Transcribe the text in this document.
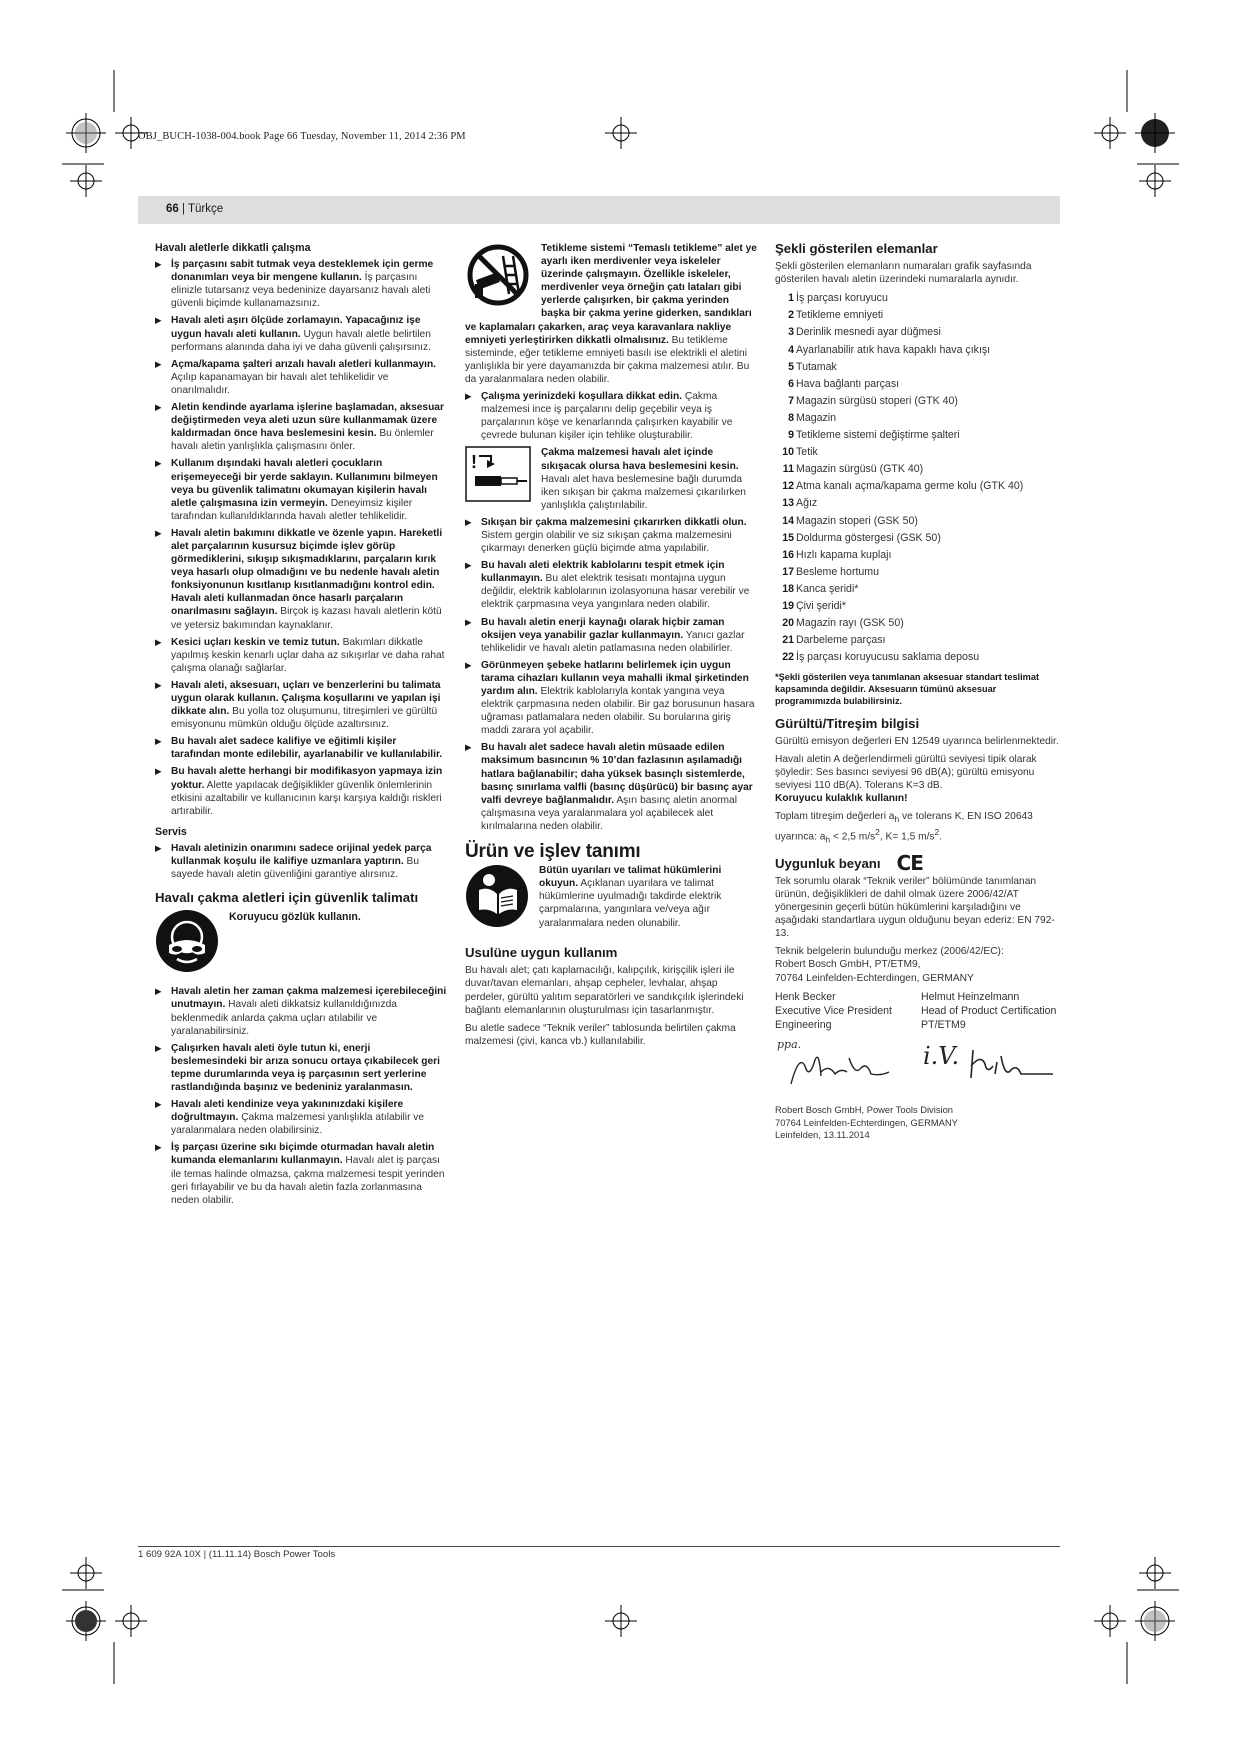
OBJ_BUCH-1038-004.book Page 66 Tuesday, November 11, 2014 2:36 PM
66 | Türkçe
Havalı aletlerle dikkatli çalışma
▶ İş parçasını sabit tutmak veya desteklemek için germe donanımları veya bir mengene kullanın. İş parçasını elinizle tutarsanız veya bedeninize dayarsanız havalı aleti güvenli biçimde kullanamazsınız.
▶ Havalı aleti aşırı ölçüde zorlamayın. Yapacağınız işe uygun havalı aleti kullanın. Uygun havalı aletle belirtilen performans alanında daha iyi ve daha güvenli çalışırsınız.
▶ Açma/kapama şalteri arızalı havalı aletleri kullanmayın. Açılıp kapanamayan bir havalı alet tehlikelidir ve onarılmalıdır.
▶ Aletin kendinde ayarlama işlerine başlamadan, aksesuar değiştirmeden veya aleti uzun süre kullanmamak üzere kaldırmadan önce hava beslemesini kesin. Bu önlemler havalı aletin yanlışlıkla çalışmasını önler.
▶ Kullanım dışındaki havalı aletleri çocukların erişemeyeceği bir yerde saklayın. Kullanımını bilmeyen veya bu güvenlik talimatını okumayan kişilerin havalı aletle çalışmasına izin vermeyin. Deneyimsiz kişiler tarafından kullanıldıklarında havalı aletler tehlikelidir.
▶ Havalı aletin bakımını dikkatle ve özenle yapın. Hareketli alet parçalarının kusursuz biçimde işlev görüp görmediklerini, sıkışıp sıkışmadıklarını, parçaların kırık veya hasarlı olup olmadığını ve bu nedenle havalı aletin fonksiyonunun kısıtlanıp kısıtlanmadığını kontrol edin. Havalı aleti kullanmadan önce hasarlı parçaların onarılmasını sağlayın. Birçok iş kazası havalı aletlerin kötü ve yetersiz bakımından kaynaklanır.
▶ Kesici uçları keskin ve temiz tutun. Bakımları dikkatle yapılmış keskin kenarlı uçlar daha az sıkışırlar ve daha rahat çalışma olanağı sağlarlar.
▶ Havalı aleti, aksesuarı, uçları ve benzerlerini bu talimata uygun olarak kullanın. Çalışma koşullarını ve yapılan işi dikkate alın. Bu yolla toz oluşumunu, titreşimleri ve gürültü emisyonunu mümkün olduğu ölçüde azaltırsınız.
▶ Bu havalı alet sadece kalifiye ve eğitimli kişiler tarafından monte edilebilir, ayarlanabilir ve kullanılabilir.
▶ Bu havalı alette herhangi bir modifikasyon yapmaya izin yoktur. Alette yapılacak değişiklikler güvenlik önlemlerinin etkisini azaltabilir ve kullanıcının karşı karşıya kaldığı riskleri artırabilir.
Servis
▶ Havalı aletinizin onarımını sadece orijinal yedek parça kullanmak koşulu ile kalifiye uzmanlara yaptırın. Bu sayede havalı aletin güvenliğini garantiye alırsınız.
Havalı çakma aletleri için güvenlik talimatı
Koruyucu gözlük kullanın.
▶ Havalı aletin her zaman çakma malzemesi içerebileceğini unutmayın. Havalı aleti dikkatsiz kullanıldığınızda beklenmedik anlarda çakma uçları atılabilir ve yaralanabilirsiniz.
▶ Çalışırken havalı aleti öyle tutun ki, enerji beslemesindeki bir arıza sonucu ortaya çıkabilecek geri tepme durumlarında veya iş parçasının sert yerlerine rastlandığında başınız ve bedeniniz yaralanmasın.
▶ Havalı aleti kendinize veya yakınınızdaki kişilere doğrultmayın. Çakma malzemesi yanlışlıkla atılabilir ve yaralanmalara neden olabilirsiniz.
▶ İş parçası üzerine sıkı biçimde oturmadan havalı aletin kumanda elemanlarını kullanmayın. Havalı alet iş parçası ile temas halinde olmazsa, çakma malzemesi tespit yerinden geri fırlayabilir ve bu da havalı aletin fazla zorlanmasına neden olabilir.
Tetikleme sistemi “Temaslı tetikleme” alet ye ayarlı iken merdivenler veya iskeleler üzerinde çalışmayın. Özellikle iskeleler, merdivenler veya örneğin çatı lataları gibi yerlerde çalışırken, bir çakma yerinden başka bir çakma yerine giderken, sandıkları ve kaplamaları çakarken, araç veya karavanlara nakliye emniyeti yerleştirirken dikkatli olmalısınız. Bu tetikleme sisteminde, eğer tetikleme emniyeti basılı ise elektrikli el aletini yanlışlıkla bir yere dayamanızda bir çakma malzemesi atılır. Bu da yaralanmalara neden olabilir.
▶ Çalışma yerinizdeki koşullara dikkat edin. Çakma malzemesi ince iş parçalarını delip geçebilir veya iş parçalarının köşe ve kenarlarında çalışırken kayabilir ve çevrede bulunan kişiler için tehlike oluşturabilir.
!	Çakma malzemesi havalı alet içinde sıkışacak olursa hava beslemesini kesin. Havalı alet hava beslemesine bağlı durumda iken sıkışan bir çakma malzemesi çıkarılırken yanlışlıkla çalıştırılabilir.
▶ Sıkışan bir çakma malzemesini çıkarırken dikkatli olun. Sistem gergin olabilir ve siz sıkışan çakma malzemesini çıkarmayı denerken güçlü biçimde atma yapılabilir.
▶ Bu havalı aleti elektrik kablolarını tespit etmek için kullanmayın. Bu alet elektrik tesisatı montajına uygun değildir, elektrik kablolarının izolasyonuna hasar verebilir ve elektrik çarpmasına veya yangınlara neden olabilir.
▶ Bu havalı aletin enerji kaynağı olarak hiçbir zaman oksijen veya yanabilir gazlar kullanmayın. Yanıcı gazlar tehlikelidir ve havalı aletin patlamasına neden olabilirler.
▶ Görünmeyen şebeke hatlarını belirlemek için uygun tarama cihazları kullanın veya mahalli ikmal şirketinden yardım alın. Elektrik kablolarıyla kontak yangına veya elektrik çarpmasına neden olabilir. Bir gaz borusunun hasara uğraması patlamalara neden olabilir. Su borularına giriş maddi zarara yol açabilir.
▶ Bu havalı alet sadece havalı aletin müsaade edilen maksimum basıncının % 10’dan fazlasının aşılamadığı hatlara bağlanabilir; daha yüksek basınçlı sistemlerde, basınç sınırlama valfli (basınç düşürücü) bir basınç ayar valfi devreye bağlanmalıdır. Aşırı basınç aletin anormal çalışmasına veya yaralanmalara yol açabilecek alet kırılmalarına neden olabilir.
Ürün ve işlev tanımı
Bütün uyarıları ve talimat hükümlerini okuyun. Açıklanan uyarılara ve talimat hükümlerine uyulmadığı takdirde elektrik çarpmalarına, yangınlara ve/veya ağır yaralanmalara neden olunabilir.
Usulüne uygun kullanım

Bu havalı alet; çatı kaplamacılığı, kalıpçılık, kirişçilik işleri ile duvar/tavan elemanları, ahşap cepheler, levhalar, ahşap perdeler, gürültü yalıtım separatörleri ve sandıkçılık işlerindeki bağlantı elemanlarının oluşturulması için tasarlanmıştır.

Bu aletle sadece “Teknik veriler” tablosunda belirtilen çakma malzemesi (çivi, kanca vb.) kullanılabilir.

Şekli gösterilen elemanlar

Şekli gösterilen elemanların numaraları grafik sayfasında gösterilen havalı aletin üzerindeki numaralarla aynıdır.

1 İş parçası koruyucu
2 Tetikleme emniyeti
3 Derinlik mesnedi ayar düğmesi
4 Ayarlanabilir atık hava kapaklı hava çıkışı
5 Tutamak
6 Hava bağlantı parçası
7 Magazin sürgüsü stoperi (GTK 40)
8 Magazin
9 Tetikleme sistemi değiştirme şalteri
10 Tetik
11 Magazin sürgüsü (GTK 40)
12 Atma kanalı açma/kapama germe kolu (GTK 40)
13 Ağız
14 Magazin stoperi (GSK 50)
15 Doldurma göstergesi (GSK 50)
16 Hızlı kapama kuplajı
17 Besleme hortumu
18 Kanca şeridi*
19 Çivi şeridi*
20 Magazin rayı (GSK 50)
21 Darbeleme parçası
22 İş parçası koruyucusu saklama deposu
*Şekli gösterilen veya tanımlanan aksesuar standart teslimat kapsamında değildir. Aksesuarın tümünü aksesuar programımızda bulabilirsiniz.
Gürültü/Titreşim bilgisi

Gürültü emisyon değerleri EN 12549 uyarınca belirlenmektedir.

Havalı aletin A değerlendirmeli gürültü seviyesi tipik olarak şöyledir: Ses basıncı seviyesi 96 dB(A); gürültü emisyonu seviyesi 110 dB(A). Tolerans K=3 dB.

Koruyucu kulaklık kullanın!

Toplam titreşim değerleri $a_h$ ve tolerans K, EN ISO 20643
uyarınca: $a_h < 2,5$ $m/s^2$, K= 1,5 $m/s^2$.

Uygunluk beyanı CE

Tek sorumlu olarak “Teknik veriler” bölümünde tanımlanan ürünün, değişiklikleri de dahil olmak üzere 2006/42/AT yönergesinin geçerli bütün hükümlerini karşıladığını ve aşağıdaki standartlara uygun olduğunu beyan ederiz: EN 792-13.

Teknik belgelerin bulunduğu merkez (2006/42/EC):
Robert Bosch GmbH, PT/ETM9,
70764 Leinfelden-Echterdingen, GERMANY

Henk Becker	Helmut Heinzelmann
Executive Vice President	Head of Product Certification
Engineering	PT/ETM9
ppa.	i.V.
Robert Bosch GmbH, Power Tools Division
70764 Leinfelden-Echterdingen, GERMANY
Leinfelden, 13.11.2014
1 609 92A 10X | (11.11.14) Bosch Power Tools
